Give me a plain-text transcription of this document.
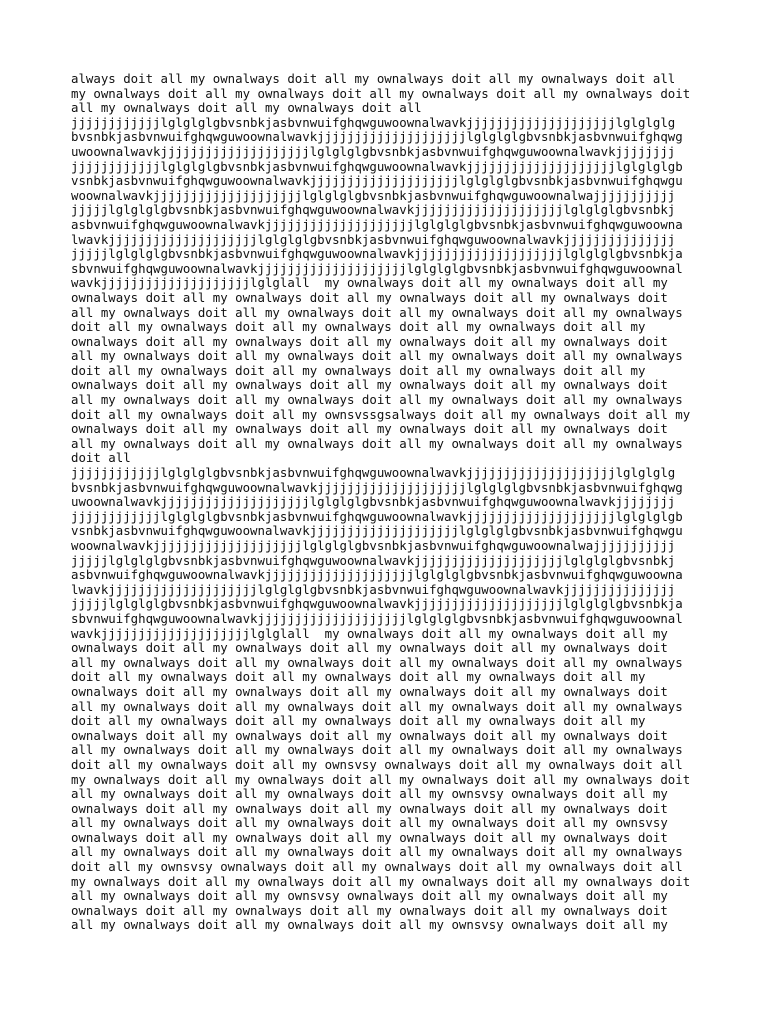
always doit all my ownalways doit all my ownalways doit all my ownalways doit all
my ownalways doit all my ownalways doit all my ownalways doit all my ownalways doit
all my ownalways doit all my ownalways doit all
jjjjjjjjjjjjlglglglgbvsnbkjasbvnwuifghqwguwoownalwavkjjjjjjjjjjjjjjjjjjjjlglglglg
bvsnbkjasbvnwuifghqwguwoownalwavkjjjjjjjjjjjjjjjjjjjjlglglglgbvsnbkjasbvnwuifghqwg
uwoownalwavkjjjjjjjjjjjjjjjjjjjjlglglglgbvsnbkjasbvnwuifghqwguwoownalwavkjjjjjjjj
jjjjjjjjjjjjlglglglgbvsnbkjasbvnwuifghqwguwoownalwavkjjjjjjjjjjjjjjjjjjjjlglglglgb
vsnbkjasbvnwuifghqwguwoownalwavkjjjjjjjjjjjjjjjjjjjjlglglglgbvsnbkjasbvnwuifghqwgu
woownalwavkjjjjjjjjjjjjjjjjjjjjlglglglgbvsnbkjasbvnwuifghqwguwoownalwajjjjjjjjjjj
jjjjjlglglglgbvsnbkjasbvnwuifghqwguwoownalwavkjjjjjjjjjjjjjjjjjjjjlglglglgbvsnbkj
asbvnwuifghqwguwoownalwavkjjjjjjjjjjjjjjjjjjjjlglglglgbvsnbkjasbvnwuifghqwguwoowna
lwavkjjjjjjjjjjjjjjjjjjjjlglglglgbvsnbkjasbvnwuifghqwguwoownalwavkjjjjjjjjjjjjjjj
jjjjjlglglglgbvsnbkjasbvnwuifghqwguwoownalwavkjjjjjjjjjjjjjjjjjjjjlglglglgbvsnbkja
sbvnwuifghqwguwoownalwavkjjjjjjjjjjjjjjjjjjjjlglglglgbvsnbkjasbvnwuifghqwguwoownal
wavkjjjjjjjjjjjjjjjjjjjjlglglall  my ownalways doit all my ownalways doit all my
ownalways doit all my ownalways doit all my ownalways doit all my ownalways doit
all my ownalways doit all my ownalways doit all my ownalways doit all my ownalways
doit all my ownalways doit all my ownalways doit all my ownalways doit all my
ownalways doit all my ownalways doit all my ownalways doit all my ownalways doit
all my ownalways doit all my ownalways doit all my ownalways doit all my ownalways
doit all my ownalways doit all my ownalways doit all my ownalways doit all my
ownalways doit all my ownalways doit all my ownalways doit all my ownalways doit
all my ownalways doit all my ownalways doit all my ownalways doit all my ownalways
doit all my ownalways doit all my ownsvssgsalways doit all my ownalways doit all my
ownalways doit all my ownalways doit all my ownalways doit all my ownalways doit
all my ownalways doit all my ownalways doit all my ownalways doit all my ownalways
doit all
jjjjjjjjjjjjlglglglgbvsnbkjasbvnwuifghqwguwoownalwavkjjjjjjjjjjjjjjjjjjjjlglglglg
bvsnbkjasbvnwuifghqwguwoownalwavkjjjjjjjjjjjjjjjjjjjjlglglglgbvsnbkjasbvnwuifghqwg
uwoownalwavkjjjjjjjjjjjjjjjjjjjjlglglglgbvsnbkjasbvnwuifghqwguwoownalwavkjjjjjjjj
jjjjjjjjjjjjlglglglgbvsnbkjasbvnwuifghqwguwoownalwavkjjjjjjjjjjjjjjjjjjjjlglglglgb
vsnbkjasbvnwuifghqwguwoownalwavkjjjjjjjjjjjjjjjjjjjjlglglglgbvsnbkjasbvnwuifghqwgu
woownalwavkjjjjjjjjjjjjjjjjjjjjlglglglgbvsnbkjasbvnwuifghqwguwoownalwajjjjjjjjjjj
jjjjjlglglglgbvsnbkjasbvnwuifghqwguwoownalwavkjjjjjjjjjjjjjjjjjjjjlglglglgbvsnbkj
asbvnwuifghqwguwoownalwavkjjjjjjjjjjjjjjjjjjjjlglglglgbvsnbkjasbvnwuifghqwguwoowna
lwavkjjjjjjjjjjjjjjjjjjjjlglglglgbvsnbkjasbvnwuifghqwguwoownalwavkjjjjjjjjjjjjjjj
jjjjjlglglglgbvsnbkjasbvnwuifghqwguwoownalwavkjjjjjjjjjjjjjjjjjjjjlglglglgbvsnbkja
sbvnwuifghqwguwoownalwavkjjjjjjjjjjjjjjjjjjjjlglglglgbvsnbkjasbvnwuifghqwguwoownal
wavkjjjjjjjjjjjjjjjjjjjjlglglall  my ownalways doit all my ownalways doit all my
ownalways doit all my ownalways doit all my ownalways doit all my ownalways doit
all my ownalways doit all my ownalways doit all my ownalways doit all my ownalways
doit all my ownalways doit all my ownalways doit all my ownalways doit all my
ownalways doit all my ownalways doit all my ownalways doit all my ownalways doit
all my ownalways doit all my ownalways doit all my ownalways doit all my ownalways
doit all my ownalways doit all my ownalways doit all my ownalways doit all my
ownalways doit all my ownalways doit all my ownalways doit all my ownalways doit
all my ownalways doit all my ownalways doit all my ownalways doit all my ownalways
doit all my ownalways doit all my ownsvsy ownalways doit all my ownalways doit all
my ownalways doit all my ownalways doit all my ownalways doit all my ownalways doit
all my ownalways doit all my ownalways doit all my ownsvsy ownalways doit all my
ownalways doit all my ownalways doit all my ownalways doit all my ownalways doit
all my ownalways doit all my ownalways doit all my ownalways doit all my ownsvsy
ownalways doit all my ownalways doit all my ownalways doit all my ownalways doit
all my ownalways doit all my ownalways doit all my ownalways doit all my ownalways
doit all my ownsvsy ownalways doit all my ownalways doit all my ownalways doit all
my ownalways doit all my ownalways doit all my ownalways doit all my ownalways doit
all my ownalways doit all my ownsvsy ownalways doit all my ownalways doit all my
ownalways doit all my ownalways doit all my ownalways doit all my ownalways doit
all my ownalways doit all my ownalways doit all my ownsvsy ownalways doit all my
